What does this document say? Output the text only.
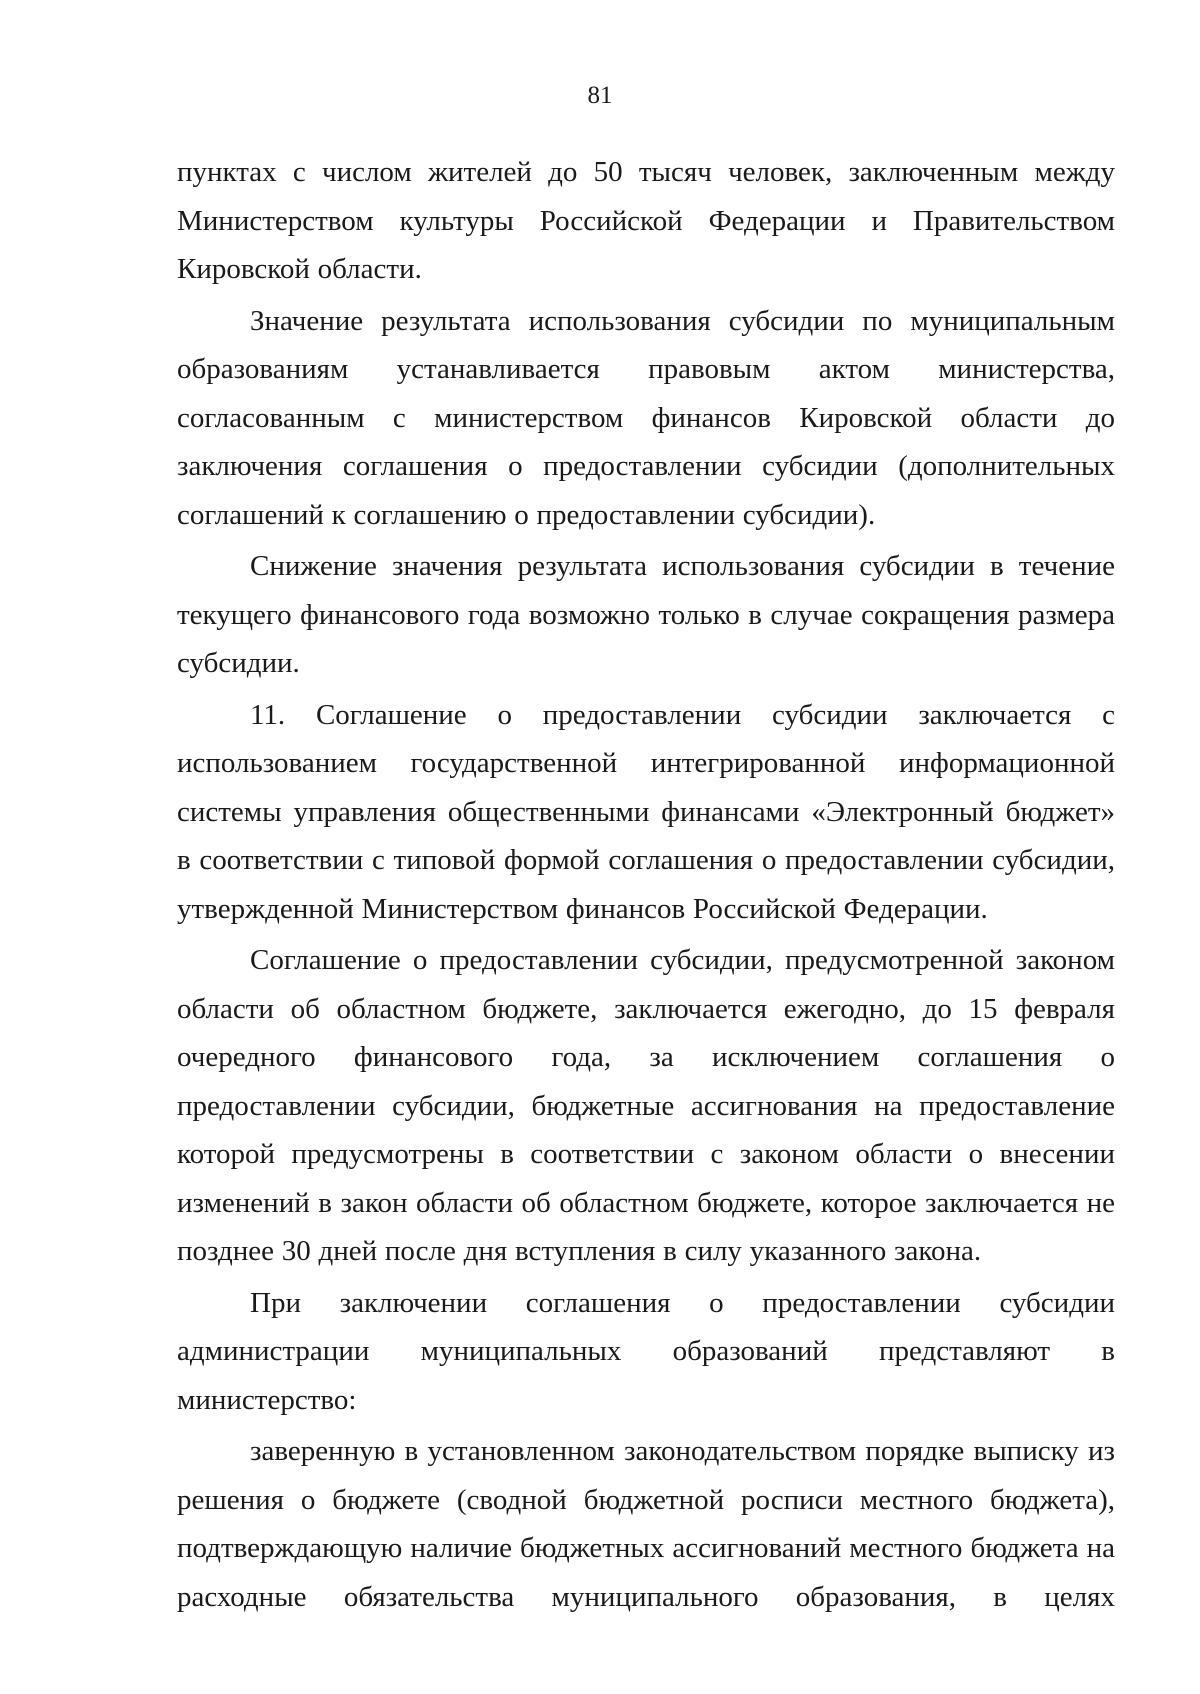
81

пунктах с числом жителей до 50 тысяч человек, заключенным между Министерством культуры Российской Федерации и Правительством Кировской области.

Значение результата использования субсидии по муниципальным образованиям устанавливается правовым актом министерства, согласованным с министерством финансов Кировской области до заключения соглашения о предоставлении субсидии (дополнительных соглашений к соглашению о предоставлении субсидии).

Снижение значения результата использования субсидии в течение текущего финансового года возможно только в случае сокращения размера субсидии.

11. Соглашение о предоставлении субсидии заключается с использованием государственной интегрированной информационной системы управления общественными финансами «Электронный бюджет» в соответствии с типовой формой соглашения о предоставлении субсидии, утвержденной Министерством финансов Российской Федерации.

Соглашение о предоставлении субсидии, предусмотренной законом области об областном бюджете, заключается ежегодно, до 15 февраля очередного финансового года, за исключением соглашения о предоставлении субсидии, бюджетные ассигнования на предоставление которой предусмотрены в соответствии с законом области о внесении изменений в закон области об областном бюджете, которое заключается не позднее 30 дней после дня вступления в силу указанного закона.

При заключении соглашения о предоставлении субсидии администрации муниципальных образований представляют в министерство:

заверенную в установленном законодательством порядке выписку из решения о бюджете (сводной бюджетной росписи местного бюджета), подтверждающую наличие бюджетных ассигнований местного бюджета на расходные обязательства муниципального образования, в целях
